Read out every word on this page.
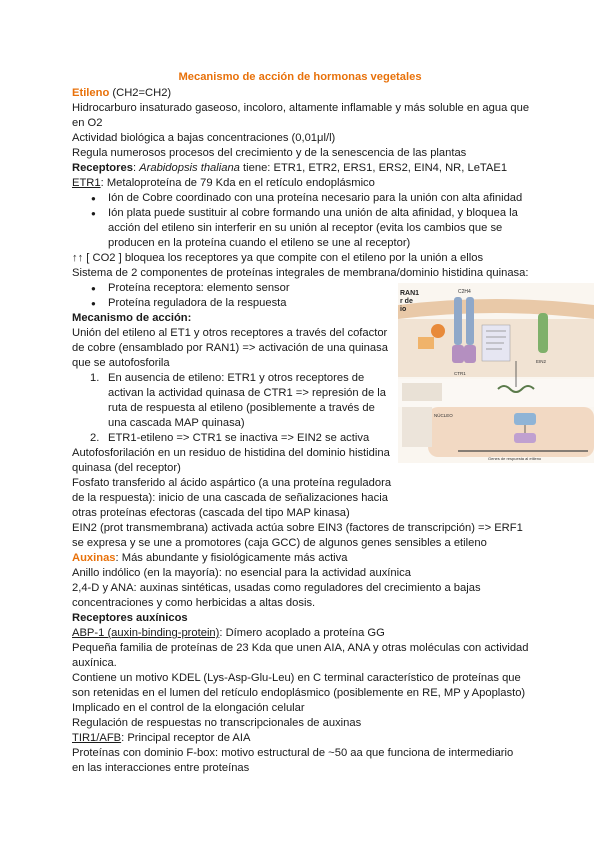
Mecanismo de acción de hormonas vegetales
Etileno (CH2=CH2)
Hidrocarburo insaturado gaseoso, incoloro, altamente inflamable y más soluble en agua que
en O2
Actividad biológica a bajas concentraciones (0,01μl/l)
Regula numerosos procesos del crecimiento y de la senescencia de las plantas
Receptores: Arabidopsis thaliana tiene: ETR1, ETR2, ERS1, ERS2, EIN4, NR, LeTAE1
ETR1: Metaloproteína de 79 Kda en el retículo endoplásmico
● Ión de Cobre coordinado con una proteína necesario para la unión con alta afinidad
● Ión plata puede sustituir al cobre formando una unión de alta afinidad, y bloquea la
acción del etileno sin interferir en su unión al receptor (evita los cambios que se
producen en la proteína cuando el etileno se une al receptor)
↑↑ [ CO2 ] bloquea los receptores ya que compite con el etileno por la unión a ellos
Sistema de 2 componentes de proteínas integrales de membrana/dominio histidina quinasa:
● Proteína receptora: elemento sensor
● Proteína reguladora de la respuesta
Mecanismo de acción:
Unión del etileno al ET1 y otros receptores a través del cofactor
de cobre (ensamblado por RAN1) => activación de una quinasa
que se autofosforila
1. En ausencia de etileno: ETR1 y otros receptores de
activan la actividad quinasa de CTR1 => represión de la
ruta de respuesta al etileno (posiblemente a través de
una cascada MAP quinasa)
2. ETR1-etileno => CTR1 se inactiva => EIN2 se activa
Autofosforilación en un residuo de histidina del dominio histidina
quinasa (del receptor)
Fosfato transferido al ácido aspártico (a una proteína reguladora
de la respuesta): inicio de una cascada de señalizaciones hacia
otras proteínas efectoras (cascada del tipo MAP kinasa)
EIN2 (prot transmembrana) activada actúa sobre EIN3 (factores de transcripción) => ERF1
se expresa y se une a promotores (caja GCC) de algunos genes sensibles a etileno
Auxinas: Más abundante y fisiológicamente más activa
Anillo indólico (en la mayoría): no esencial para la actividad auxínica
2,4-D y ANA: auxinas sintéticas, usadas como reguladores del crecimiento a bajas
concentraciones y como herbicidas a altas dosis.
Receptores auxínicos
ABP-1 (auxin-binding-protein): Dímero acoplado a proteína GG
Pequeña familia de proteínas de 23 Kda que unen AIA, ANA y otras moléculas con actividad
auxínica.
Contiene un motivo KDEL (Lys-Asp-Glu-Leu) en C terminal característico de proteínas que
son retenidas en el lumen del retículo endoplásmico (posiblemente en RE, MP y Apoplasto)
Implicado en el control de la elongación celular
Regulación de respuestas no transcripcionales de auxinas
TIR1/AFB: Principal receptor de AIA
Proteínas con dominio F-box: motivo estructural de ~50 aa que funciona de intermediario
en las interacciones entre proteínas
RAN1
r de
io
C2H4
CTR1
EIN2
NÚCLEO
Genes de respuesta al etileno
